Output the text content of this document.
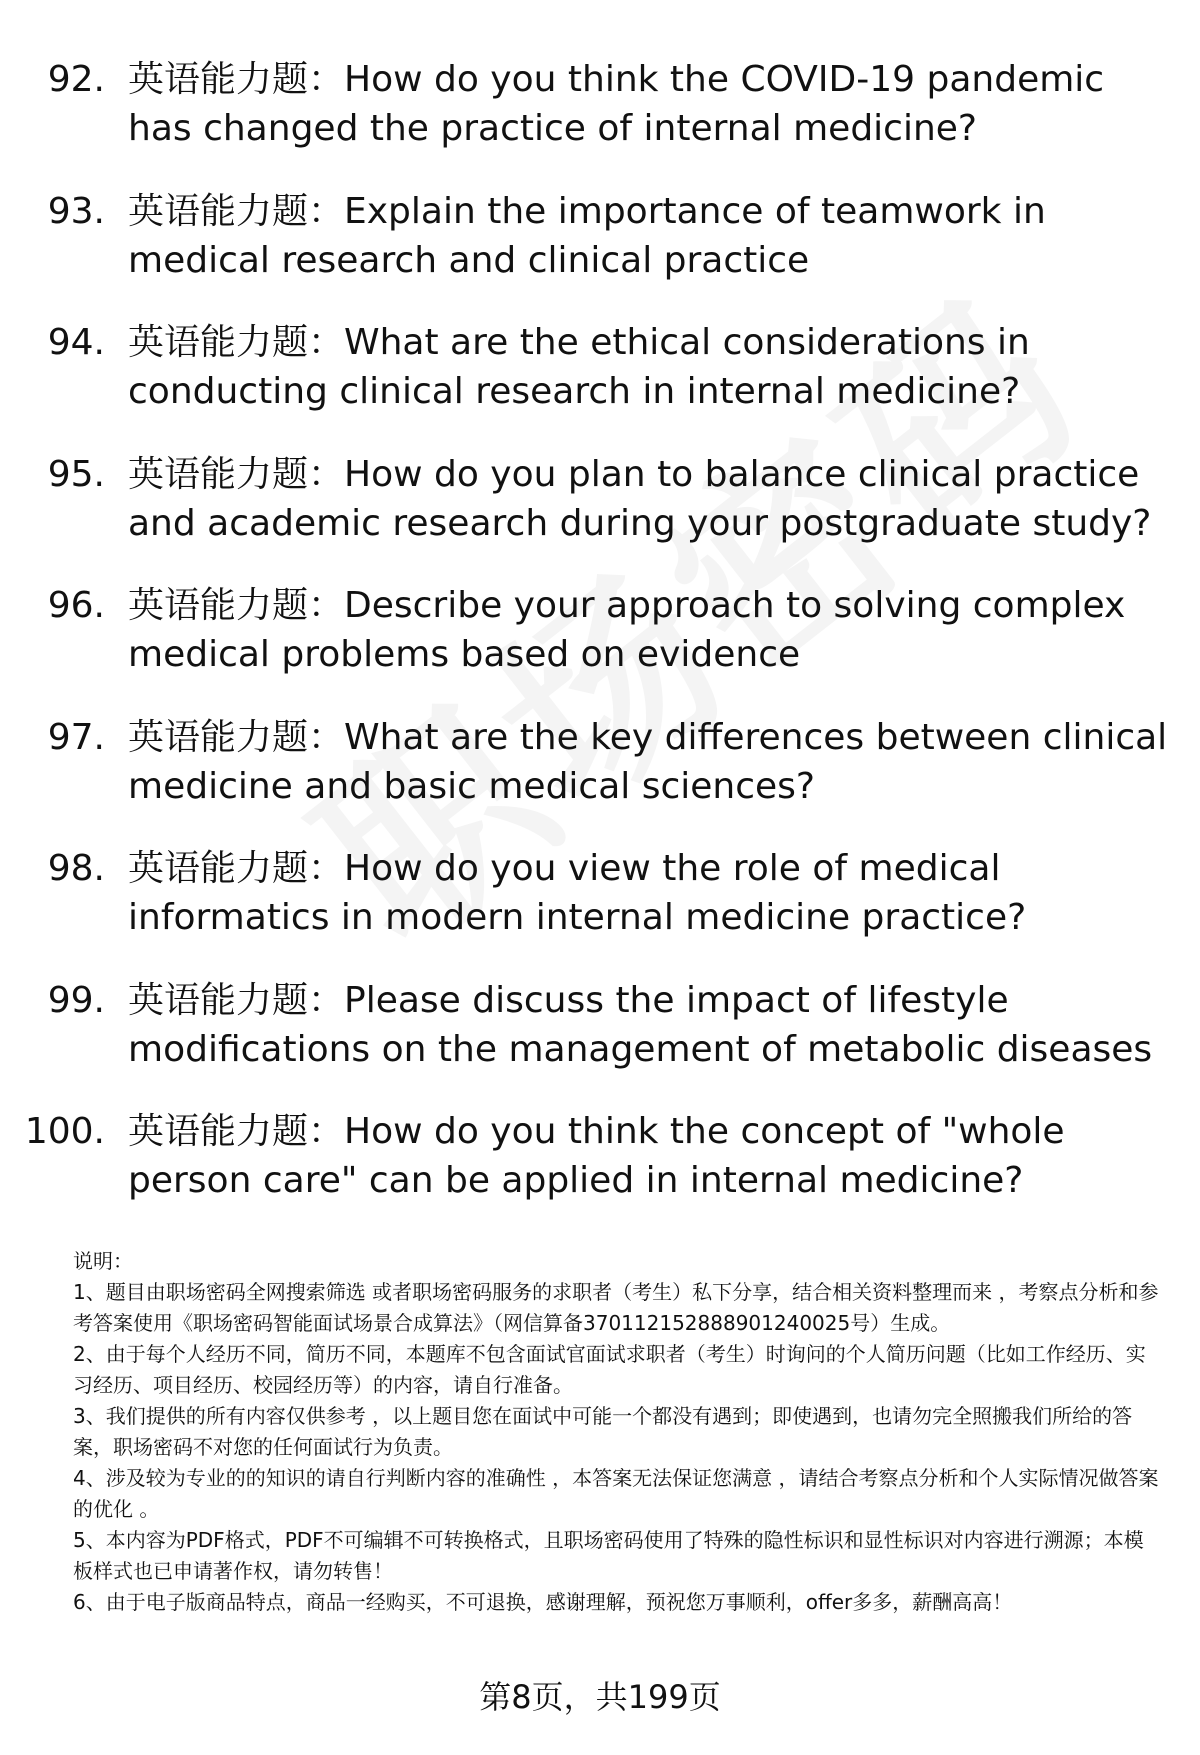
92. 英语能力题：How do you think the COVID-19 pandemic has changed the practice of internal medicine?
93. 英语能力题：Explain the importance of teamwork in medical research and clinical practice
94. 英语能力题：What are the ethical considerations in conducting clinical research in internal medicine?
95. 英语能力题：How do you plan to balance clinical practice and academic research during your postgraduate study?
96. 英语能力题：Describe your approach to solving complex medical problems based on evidence
97. 英语能力题：What are the key differences between clinical medicine and basic medical sciences?
98. 英语能力题：How do you view the role of medical informatics in modern internal medicine practice?
99. 英语能力题：Please discuss the impact of lifestyle modifications on the management of metabolic diseases
100. 英语能力题：How do you think the concept of "whole person care" can be applied in internal medicine?

说明：

1、题目由职场密码全网搜索筛选 或者职场密码服务的求职者（考生）私下分享，结合相关资料整理而来 ，考察点分析和参考答案使用《职场密码智能面试场景合成算法》（网信算备370112152888901240025号）生成。

2、由于每个人经历不同，简历不同，本题库不包含面试官面试求职者（考生）时询问的个人简历问题（比如工作经历、实习经历、项目经历、校园经历等）的内容，请自行准备。

3、我们提供的所有内容仅供参考 ，以上题目您在面试中可能一个都没有遇到；即使遇到，也请勿完全照搬我们所给的答案，职场密码不对您的任何面试行为负责。

4、涉及较为专业的的知识的请自行判断内容的准确性 ，本答案无法保证您满意 ，请结合考察点分析和个人实际情况做答案的优化 。

5、本内容为PDF格式，PDF不可编辑不可转换格式，且职场密码使用了特殊的隐性标识和显性标识对内容进行溯源；本模板样式也已申请著作权，请勿转售！

6、由于电子版商品特点，商品一经购买，不可退换，感谢理解，预祝您万事顺利，offer多多，薪酬高高！

第8页，共199页
